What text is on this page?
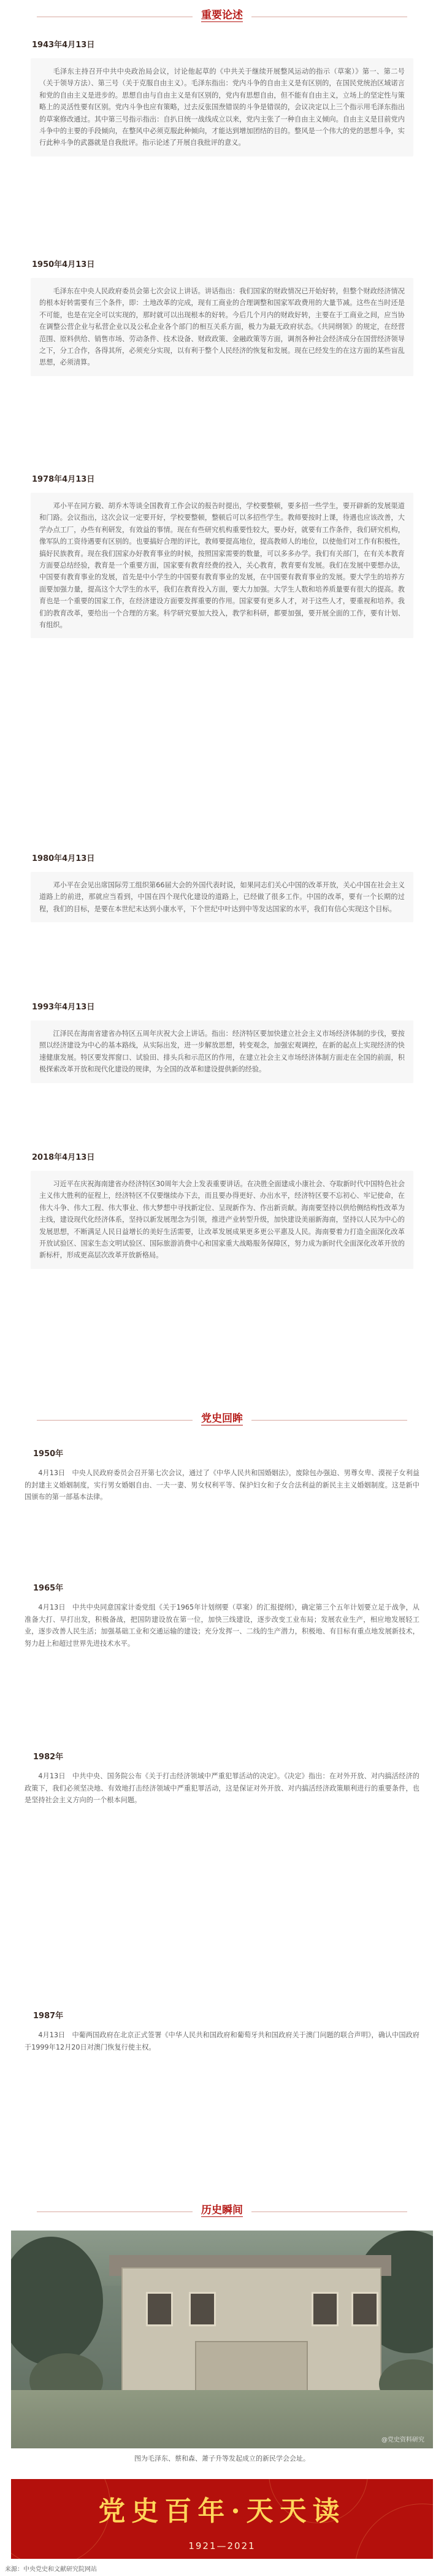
重要论述
1943年4月13日
毛泽东主持召开中共中央政治局会议，讨论他起草的《中共关于继续开展整风运动的指示（草案）》第一、第二号（关于领导方法）、第三号（关于克服自由主义）。毛泽东指出：党内斗争的自由主义是有区别的，在国民党统治区域诺言和党的自由主义是进步的。思想自由与自由主义是有区别的，党内有思想自由，但不能有自由主义，立场上的坚定性与策略上的灵活性要有区别。党内斗争也应有策略，过去反张国焘错误的斗争是错误的，会议决定以上三个指示用毛泽东指出的草案修改通过。其中第三号指示指出：自扒日统一战线成立以来，党内主张了一种自由主义倾向。自由主义是目前党内斗争中的主要的手段倾向，在整风中必须克服此种倾向，才能达到增加团结的目的。整风是一个伟大的党的思想斗争，实行此种斗争的武器就是自我批评。指示论述了开展自我批评的意义。
1950年4月13日
毛泽东在中央人民政府委员会第七次会议上讲话。讲话指出：我们国家的财政情况已开始好转，但整个财政经济情况的根本好转需要有三个条件，即：土地改革的完成，现有工商业的合理调整和国家军政费用的大量节减。这些在当时还是不可能，也是在完全可以实现的，那时就可以出现根本的好转。今后几个月内的财政好转，主要在于工商业之间，应当协在调整公营企业与私营企业以及公私企业各个部门的相互关系方面，极力为最无政府状态。《共同纲领》的规定，在经营范围、原料供给、销售市场、劳动条件、技术设备、财政政策、金融政策等方面，调剂各种社会经济成分在国营经济领导之下，分工合作，各得其所，必须充分实现，以有利于整个人民经济的恢复和发展。现在已经发生的在这方面的某些盲乱思想，必须清算。
1978年4月13日
邓小平在同方毅、胡乔木等谈全国教育工作会议的报告时提出，学校要整顿，要多招一些学生，要开辟新的发展渠道和门路。会议指出，这次会议一定要开好，学校要整顿，整顿后可以多招些学生。教师要按时上课，待遇也应该改善，大学办点工厂，办些有利研发，有效益的事情。现在有些研究机构重要性较大，要办好，就要有工作条件，我们研究机构，像军队的工资待遇要有区别的。也要搞好合理的评比，教师要提高地位，提高教师人的地位，以使他们对工作有积极性，搞好民族教育。现在我们国家办好教育事业的时候，按照国家需要的数量，可以多多办学。我们有关部门，在有关本教育方面要总结经验，教育是一个重要方面，国家要有教育经费的投入，关心教育，教育要有发展。我们在发展中要想办法，中国要有教育事业的发展，首先是中小学生的中国要有教育事业的发展，在中国要有教育事业的发展。要大学生的培养方面要加强力量，提高这个大学生的水平，我们在教育投入方面，要大力加强。大学生人数和培养质量要有很大的提高。教育也是一个重要的国家工作，在经济建设方面要发挥重要的作用。国家要有更多人才，对于这些人才，要重视和培养。我们的教育改革，要给出一个合理的方案。科学研究要加大投入，教学和科研，都要加强，要开展全面的工作，要有计划、有组织。
1980年4月13日
邓小平在会见出席国际劳工组织第66届大会的外国代表时说，如果同志们关心中国的改革开放，关心中国在社会主义道路上的前进，那就应当看到，中国在四个现代化建设的道路上，已经做了很多工作。中国的改革，要有一个长期的过程，我们的目标，是要在本世纪末达到小康水平，下个世纪中叶达到中等发达国家的水平，我们有信心实现这个目标。
1993年4月13日
江泽民在海南省建省办特区五周年庆祝大会上讲话。指出：经济特区要加快建立社会主义市场经济体制的步伐，要按照以经济建设为中心的基本路线，从实际出发，进一步解放思想，转变观念，加强宏观调控，在新的起点上实现经济的快速健康发展。特区要发挥窗口、试验田、排头兵和示范区的作用，在建立社会主义市场经济体制方面走在全国的前面，积极探索改革开放和现代化建设的规律，为全国的改革和建设提供新的经验。
2018年4月13日
习近平在庆祝海南建省办经济特区30周年大会上发表重要讲话。在决胜全面建成小康社会、夺取新时代中国特色社会主义伟大胜利的征程上，经济特区不仅要继续办下去，而且要办得更好、办出水平，经济特区要不忘初心、牢记使命，在伟大斗争、伟大工程、伟大事业、伟大梦想中寻找新定位、呈现新作为、作出新贡献。海南要坚持以供给侧结构性改革为主线，建设现代化经济体系，坚持以新发展理念为引领，推进产业转型升级，加快建设美丽新海南，坚持以人民为中心的发展思想，不断满足人民日益增长的美好生活需要，让改革发展成果更多更公平惠及人民。海南要着力打造全面深化改革开放试验区、国家生态文明试验区、国际旅游消费中心和国家重大战略服务保障区，努力成为新时代全面深化改革开放的新标杆，形成更高层次改革开放新格局。
党史回眸
1950年
4月13日　中央人民政府委员会召开第七次会议，通过了《中华人民共和国婚姻法》，废除包办强迫、男尊女卑、漠视子女利益的封建主义婚姻制度，实行男女婚姻自由、一夫一妻、男女权利平等、保护妇女和子女合法利益的新民主主义婚姻制度。这是新中国颁布的第一部基本法律。
1965年
4月13日　中共中央同意国家计委党组《关于1965年计划纲要（草案）的汇报提纲》，确定第三个五年计划要立足于战争，从准备大打、早打出发，积极备战，把国防建设放在第一位，加快三线建设，逐步改变工业布局；发展农业生产，相应地发展轻工业，逐步改善人民生活；加强基础工业和交通运输的建设；充分发挥一、二线的生产潜力，积极地、有目标有重点地发展新技术，努力赶上和超过世界先进技术水平。
1982年
4月13日　中共中央、国务院公布《关于打击经济领域中严重犯罪活动的决定》。《决定》指出：在对外开放、对内搞活经济的政策下，我们必须坚决地、有效地打击经济领域中严重犯罪活动，这是保证对外开放、对内搞活经济政策顺利进行的重要条件，也是坚持社会主义方向的一个根本问题。
1987年
4月13日　中葡两国政府在北京正式签署《中华人民共和国政府和葡萄牙共和国政府关于澳门问题的联合声明》，确认中国政府于1999年12月20日对澳门恢复行使主权。
历史瞬间
@党史资料研究
图为毛泽东、蔡和森、萧子升等发起成立的新民学会会址。
党史百年·天天读
1921—2021
来源：中央党史和文献研究院网站
